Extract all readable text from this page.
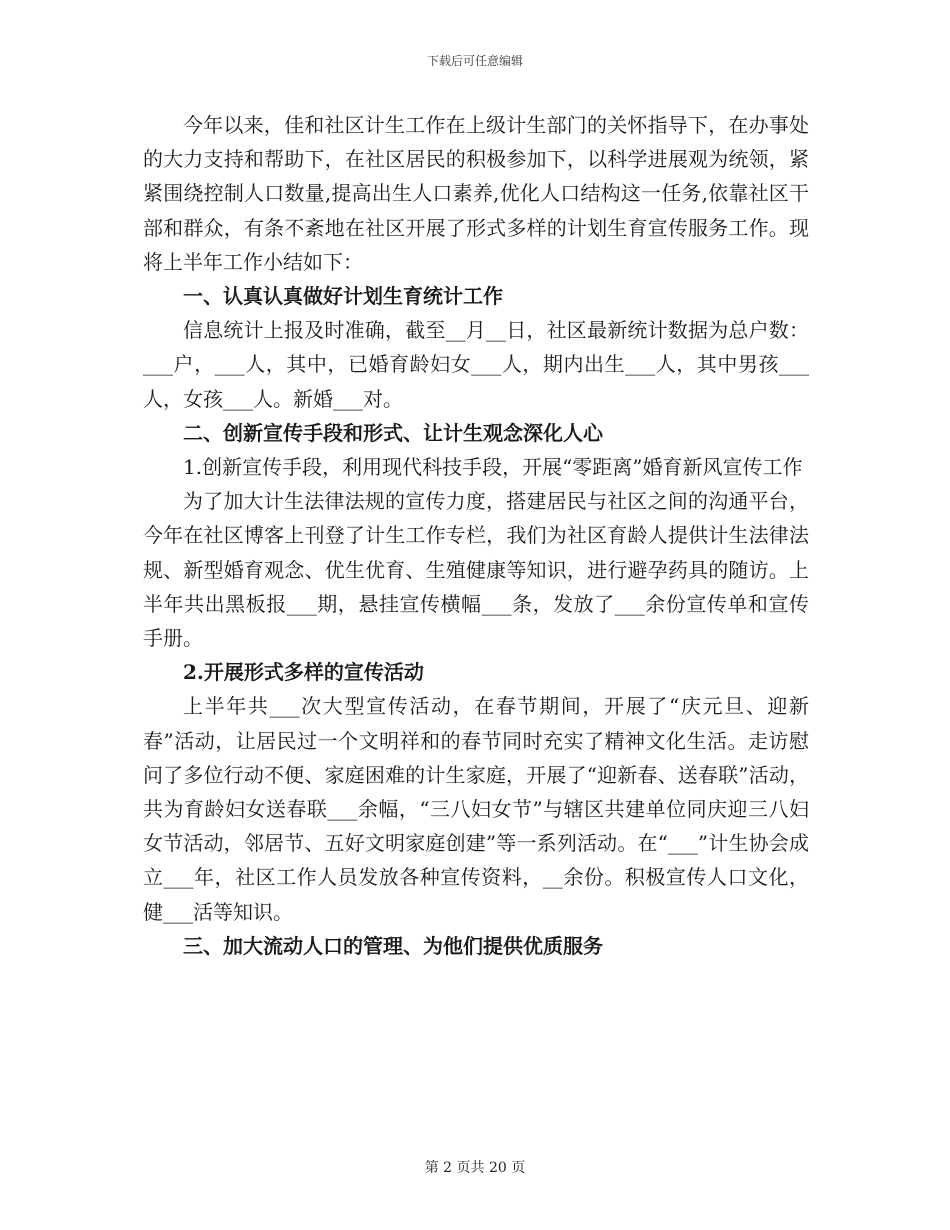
下载后可任意编辑

今年以来，佳和社区计生工作在上级计生部门的关怀指导下，在办事处的大力支持和帮助下，在社区居民的积极参加下，以科学进展观为统领，紧紧围绕控制人口数量,提高出生人口素养,优化人口结构这一任务,依靠社区干部和群众，有条不紊地在社区开展了形式多样的计划生育宣传服务工作。现将上半年工作小结如下：

一、认真认真做好计划生育统计工作

信息统计上报及时准确，截至__月__日，社区最新统计数据为总户数：___户，___人，其中，已婚育龄妇女___人，期内出生___人，其中男孩___人，女孩___人。新婚___对。

二、创新宣传手段和形式、让计生观念深化人心

1.创新宣传手段，利用现代科技手段，开展“零距离”婚育新风宣传工作

为了加大计生法律法规的宣传力度，搭建居民与社区之间的沟通平台，今年在社区博客上刊登了计生工作专栏，我们为社区育龄人提供计生法律法规、新型婚育观念、优生优育、生殖健康等知识，进行避孕药具的随访。上半年共出黑板报___期，悬挂宣传横幅___条，发放了___余份宣传单和宣传手册。

2.开展形式多样的宣传活动

上半年共___次大型宣传活动，在春节期间，开展了“庆元旦、迎新春”活动，让居民过一个文明祥和的春节同时充实了精神文化生活。走访慰问了多位行动不便、家庭困难的计生家庭，开展了“迎新春、送春联”活动，共为育龄妇女送春联___余幅，“三八妇女节”与辖区共建单位同庆迎三八妇女节活动，邻居节、五好文明家庭创建”等一系列活动。在“___”计生协会成立___年，社区工作人员发放各种宣传资料，__余份。积极宣传人口文化，健___活等知识。

三、加大流动人口的管理、为他们提供优质服务

第 2 页共 20 页
